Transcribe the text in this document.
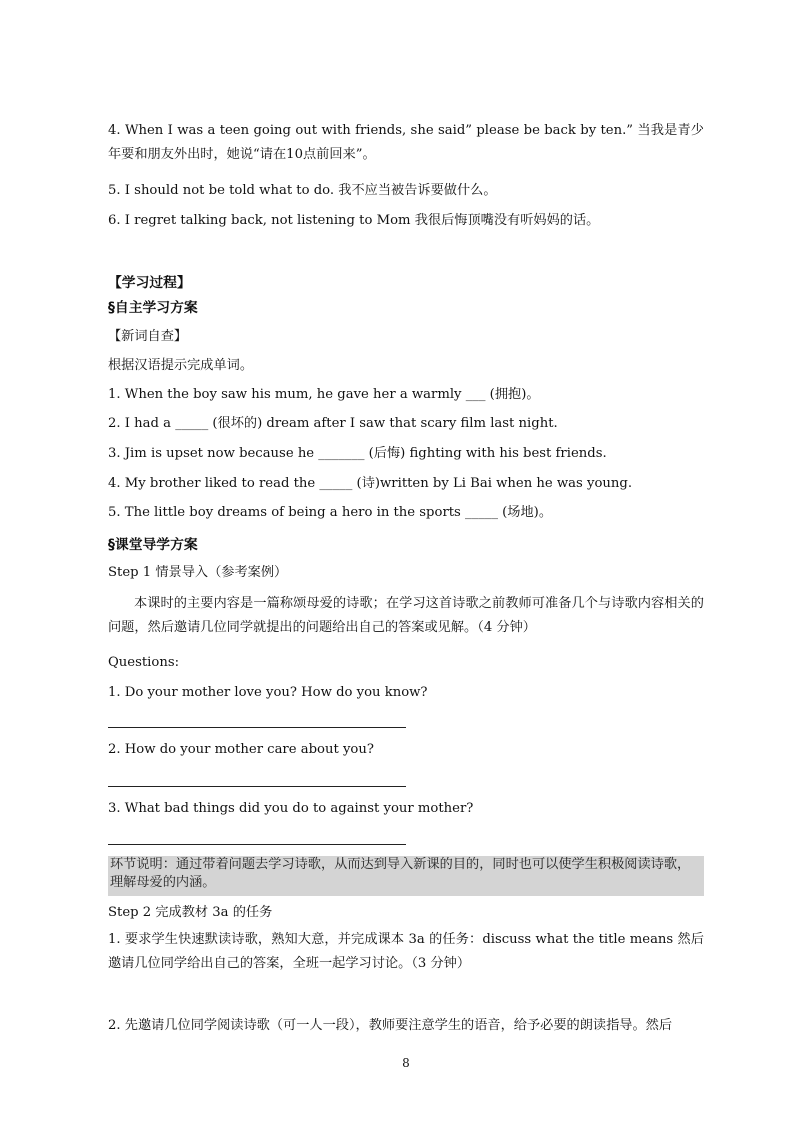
4. When I was a teen going out with friends, she said” please be back by ten.” 当我是青少年要和朋友外出时，她说“请在10点前回来”。
5. I should not be told what to do. 我不应当被告诉要做什么。
6. I regret talking back, not listening to Mom 我很后悔顶嘴没有听妈妈的话。
【学习过程】
§自主学习方案
【新词自查】
根据汉语提示完成单词。
1. When the boy saw his mum, he gave her a warmly ___ (拥抱)。
2. I had a _____ (很坏的) dream after I saw that scary film last night.
3. Jim is upset now because he _______ (后悔) fighting with his best friends.
4. My brother liked to read the _____ (诗)written by Li Bai when he was young.
5. The little boy dreams of being a hero in the sports _____ (场地)。
§课堂导学方案
Step 1 情景导入（参考案例）
本课时的主要内容是一篇称颂母爱的诗歌；在学习这首诗歌之前教师可准备几个与诗歌内容相关的问题，然后邀请几位同学就提出的问题给出自己的答案或见解。（4 分钟）
Questions:
1. Do your mother love you? How do you know?
2. How do your mother care about you?
3. What bad things did you do to against your mother?
环节说明：通过带着问题去学习诗歌，从而达到导入新课的目的，同时也可以使学生积极阅读诗歌，理解母爱的内涵。
Step 2 完成教材 3a 的任务
1. 要求学生快速默读诗歌，熟知大意，并完成课本 3a 的任务：discuss what the title means 然后邀请几位同学给出自己的答案，全班一起学习讨论。（3 分钟）
2. 先邀请几位同学阅读诗歌（可一人一段），教师要注意学生的语音，给予必要的朗读指导。然后
8
